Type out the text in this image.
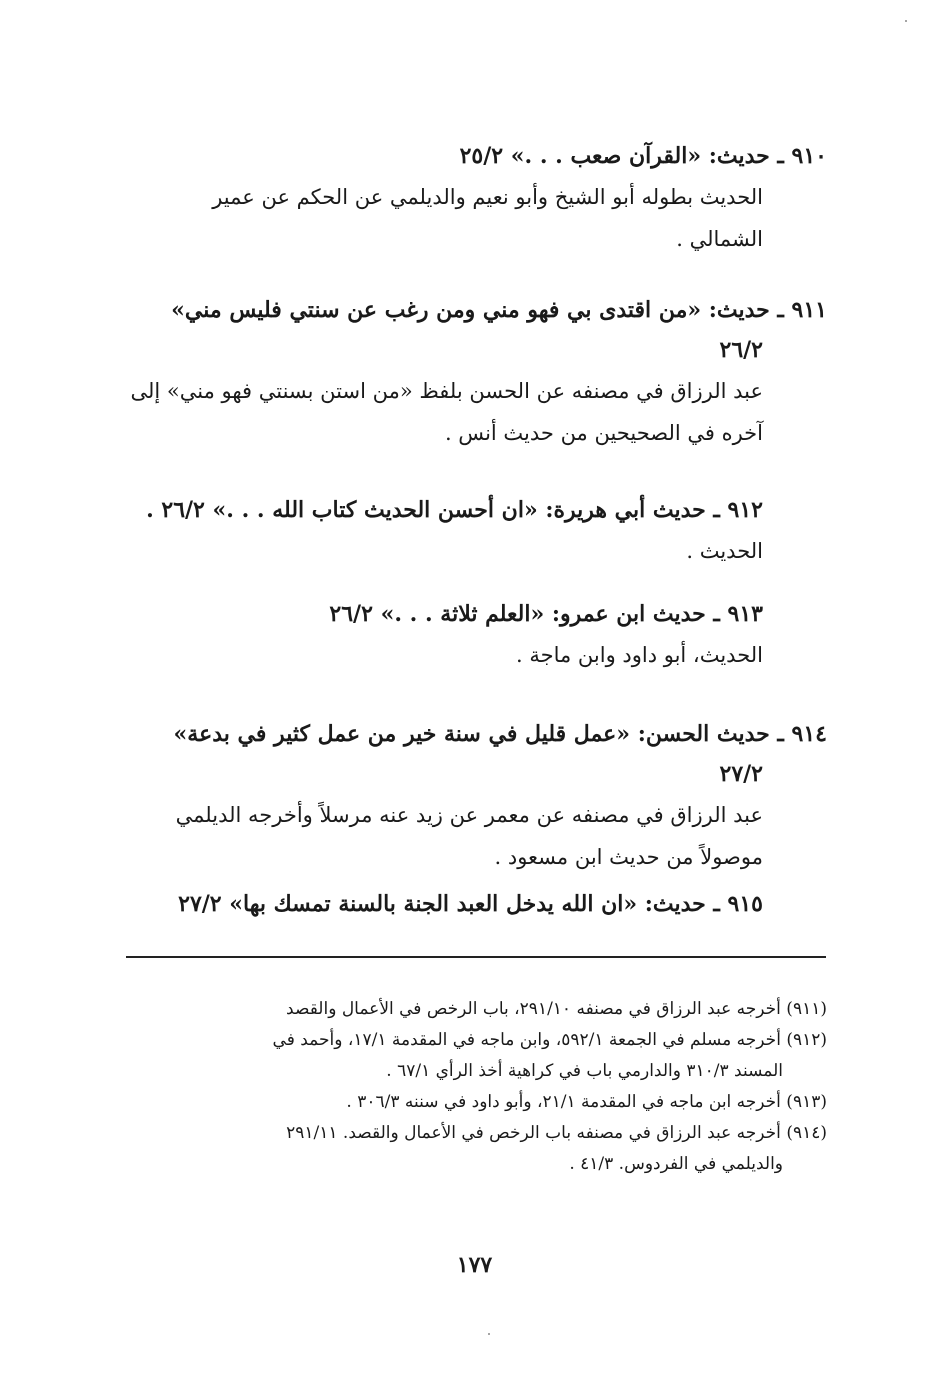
٩١٠ ـ حديث: «القرآن صعب . . .» ٢٥/٢
الحديث بطوله أبو الشيخ وأبو نعيم والديلمي عن الحكم عن عمير
الشمالي .
٩١١ ـ حديث: «من اقتدى بي فهو مني ومن رغب عن سنتي فليس مني»
٢٦/٢
عبد الرزاق في مصنفه عن الحسن بلفظ «من استن بسنتي فهو مني» إلى
آخره في الصحيحين من حديث أنس .
٩١٢ ـ حديث أبي هريرة: «ان أحسن الحديث كتاب الله . . .» ٢٦/٢ .
الحديث .
٩١٣ ـ حديث ابن عمرو: «العلم ثلاثة . . .» ٢٦/٢
الحديث، أبو داود وابن ماجة .
٩١٤ ـ حديث الحسن: «عمل قليل في سنة خير من عمل كثير في بدعة»
٢٧/٢
عبد الرزاق في مصنفه عن معمر عن زيد عنه مرسلاً وأخرجه الديلمي
موصولاً من حديث ابن مسعود .
٩١٥ ـ حديث: «ان الله يدخل العبد الجنة بالسنة تمسك بها» ٢٧/٢
(٩١١) أخرجه عبد الرزاق في مصنفه ٢٩١/١٠، باب الرخص في الأعمال والقصد
(٩١٢) أخرجه مسلم في الجمعة ٥٩٢/١، وابن ماجه في المقدمة ١٧/١، وأحمد في
المسند ٣١٠/٣ والدارمي باب في كراهية أخذ الرأي ٦٧/١ .
(٩١٣) أخرجه ابن ماجه في المقدمة ٢١/١، وأبو داود في سننه ٣٠٦/٣ .
(٩١٤) أخرجه عبد الرزاق في مصنفه باب الرخص في الأعمال والقصد. ٢٩١/١١
والديلمي في الفردوس. ٤١/٣ .
١٧٧
